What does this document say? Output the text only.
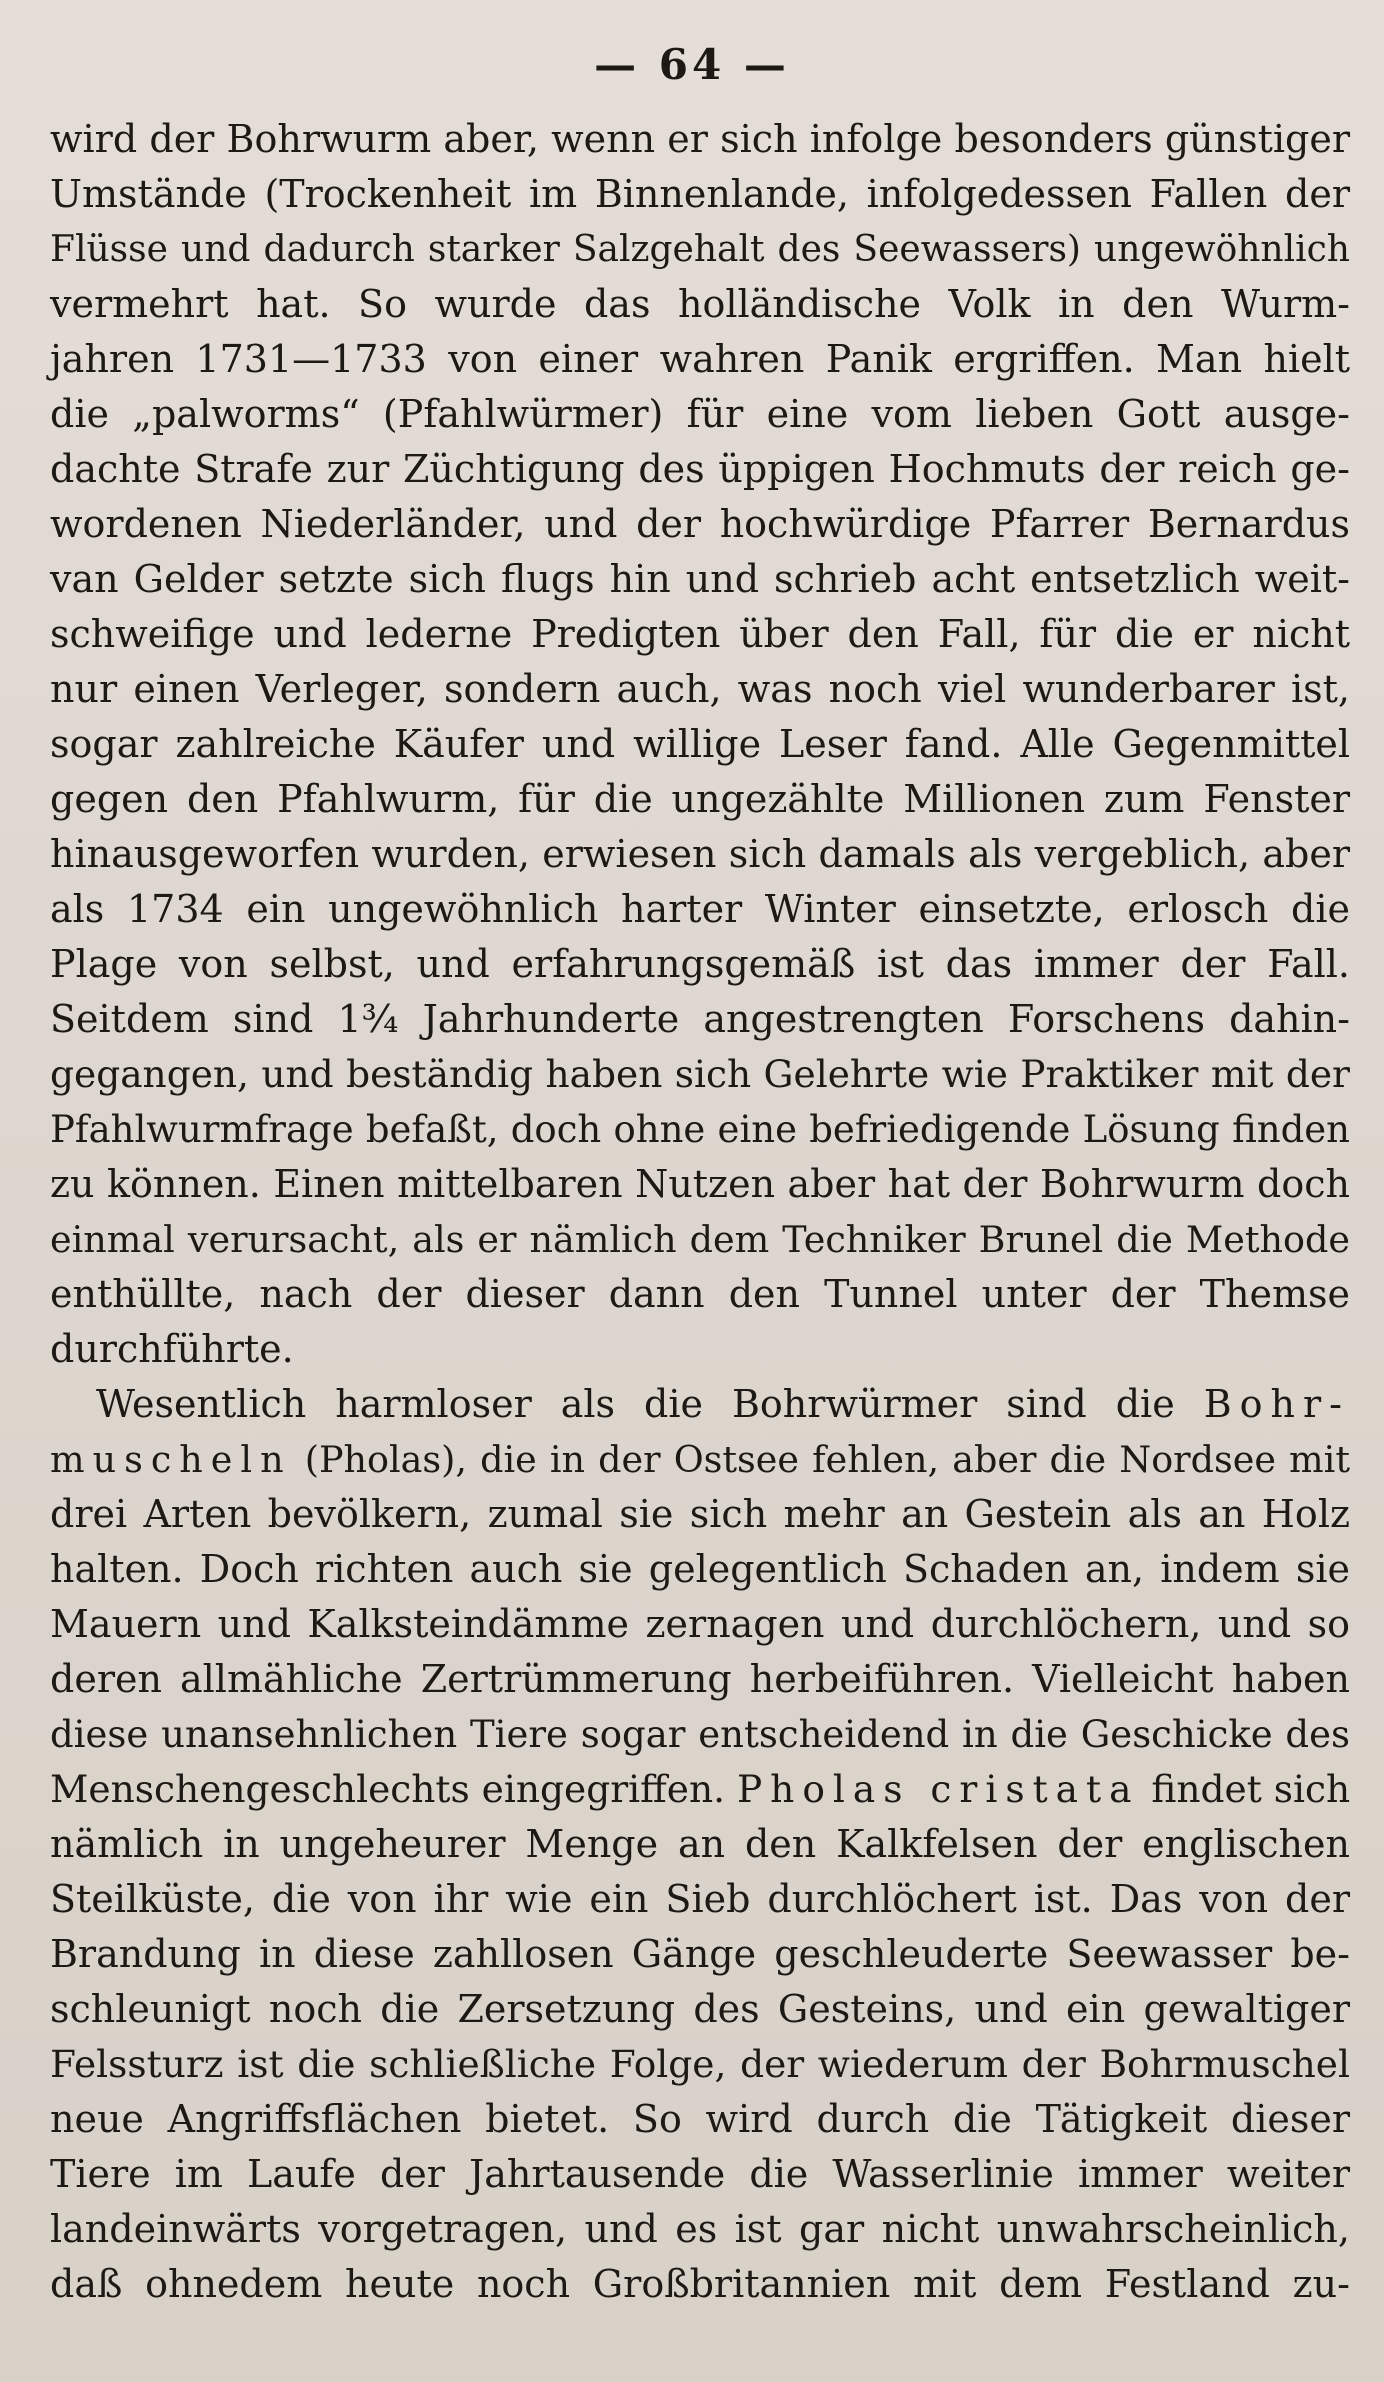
— 64 —
wird der Bohrwurm aber, wenn er sich infolge besonders günstiger
Umstände (Trockenheit im Binnenlande, infolgedessen Fallen der
Flüsse und dadurch starker Salzgehalt des Seewassers) ungewöhnlich
vermehrt hat. So wurde das holländische Volk in den Wurm-
jahren 1731—1733 von einer wahren Panik ergriffen. Man hielt
die „palworms“ (Pfahlwürmer) für eine vom lieben Gott ausge-
dachte Strafe zur Züchtigung des üppigen Hochmuts der reich ge-
wordenen Niederländer, und der hochwürdige Pfarrer Bernardus
van Gelder setzte sich flugs hin und schrieb acht entsetzlich weit-
schweifige und lederne Predigten über den Fall, für die er nicht
nur einen Verleger, sondern auch, was noch viel wunderbarer ist,
sogar zahlreiche Käufer und willige Leser fand. Alle Gegenmittel
gegen den Pfahlwurm, für die ungezählte Millionen zum Fenster
hinausgeworfen wurden, erwiesen sich damals als vergeblich, aber
als 1734 ein ungewöhnlich harter Winter einsetzte, erlosch die
Plage von selbst, und erfahrungsgemäß ist das immer der Fall.
Seitdem sind 1¾ Jahrhunderte angestrengten Forschens dahin-
gegangen, und beständig haben sich Gelehrte wie Praktiker mit der
Pfahlwurmfrage befaßt, doch ohne eine befriedigende Lösung finden
zu können. Einen mittelbaren Nutzen aber hat der Bohrwurm doch
einmal verursacht, als er nämlich dem Techniker Brunel die Methode
enthüllte, nach der dieser dann den Tunnel unter der Themse
durchführte.
Wesentlich harmloser als die Bohrwürmer sind die Bohr-
muscheln (Pholas), die in der Ostsee fehlen, aber die Nordsee mit
drei Arten bevölkern, zumal sie sich mehr an Gestein als an Holz
halten. Doch richten auch sie gelegentlich Schaden an, indem sie
Mauern und Kalksteindämme zernagen und durchlöchern, und so
deren allmähliche Zertrümmerung herbeiführen. Vielleicht haben
diese unansehnlichen Tiere sogar entscheidend in die Geschicke des
Menschengeschlechts eingegriffen. Pholas cristata findet sich
nämlich in ungeheurer Menge an den Kalkfelsen der englischen
Steilküste, die von ihr wie ein Sieb durchlöchert ist. Das von der
Brandung in diese zahllosen Gänge geschleuderte Seewasser be-
schleunigt noch die Zersetzung des Gesteins, und ein gewaltiger
Felssturz ist die schließliche Folge, der wiederum der Bohrmuschel
neue Angriffsflächen bietet. So wird durch die Tätigkeit dieser
Tiere im Laufe der Jahrtausende die Wasserlinie immer weiter
landeinwärts vorgetragen, und es ist gar nicht unwahrscheinlich,
daß ohnedem heute noch Großbritannien mit dem Festland zu-
